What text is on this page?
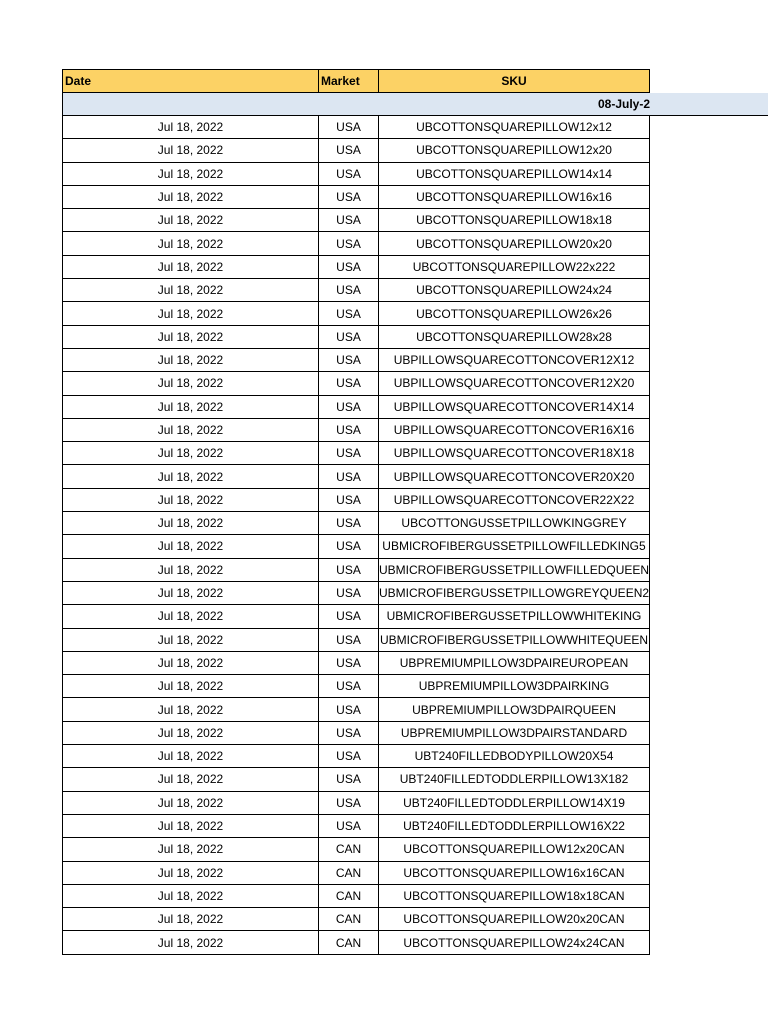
Date	Market	SKU
08-July-2
Jul 18, 2022	USA	UBCOTTONSQUAREPILLOW12x12
Jul 18, 2022	USA	UBCOTTONSQUAREPILLOW12x20
Jul 18, 2022	USA	UBCOTTONSQUAREPILLOW14x14
Jul 18, 2022	USA	UBCOTTONSQUAREPILLOW16x16
Jul 18, 2022	USA	UBCOTTONSQUAREPILLOW18x18
Jul 18, 2022	USA	UBCOTTONSQUAREPILLOW20x20
Jul 18, 2022	USA	UBCOTTONSQUAREPILLOW22x222
Jul 18, 2022	USA	UBCOTTONSQUAREPILLOW24x24
Jul 18, 2022	USA	UBCOTTONSQUAREPILLOW26x26
Jul 18, 2022	USA	UBCOTTONSQUAREPILLOW28x28
Jul 18, 2022	USA	UBPILLOWSQUARECOTTONCOVER12X12
Jul 18, 2022	USA	UBPILLOWSQUARECOTTONCOVER12X20
Jul 18, 2022	USA	UBPILLOWSQUARECOTTONCOVER14X14
Jul 18, 2022	USA	UBPILLOWSQUARECOTTONCOVER16X16
Jul 18, 2022	USA	UBPILLOWSQUARECOTTONCOVER18X18
Jul 18, 2022	USA	UBPILLOWSQUARECOTTONCOVER20X20
Jul 18, 2022	USA	UBPILLOWSQUARECOTTONCOVER22X22
Jul 18, 2022	USA	UBCOTTONGUSSETPILLOWKINGGREY
Jul 18, 2022	USA	UBMICROFIBERGUSSETPILLOWFILLEDKING5
Jul 18, 2022	USA	UBMICROFIBERGUSSETPILLOWFILLEDQUEEN
Jul 18, 2022	USA	UBMICROFIBERGUSSETPILLOWGREYQUEEN2
Jul 18, 2022	USA	UBMICROFIBERGUSSETPILLOWWHITEKING
Jul 18, 2022	USA	UBMICROFIBERGUSSETPILLOWWHITEQUEEN
Jul 18, 2022	USA	UBPREMIUMPILLOW3DPAIREUROPEAN
Jul 18, 2022	USA	UBPREMIUMPILLOW3DPAIRKING
Jul 18, 2022	USA	UBPREMIUMPILLOW3DPAIRQUEEN
Jul 18, 2022	USA	UBPREMIUMPILLOW3DPAIRSTANDARD
Jul 18, 2022	USA	UBT240FILLEDBODYPILLOW20X54
Jul 18, 2022	USA	UBT240FILLEDTODDLERPILLOW13X182
Jul 18, 2022	USA	UBT240FILLEDTODDLERPILLOW14X19
Jul 18, 2022	USA	UBT240FILLEDTODDLERPILLOW16X22
Jul 18, 2022	CAN	UBCOTTONSQUAREPILLOW12x20CAN
Jul 18, 2022	CAN	UBCOTTONSQUAREPILLOW16x16CAN
Jul 18, 2022	CAN	UBCOTTONSQUAREPILLOW18x18CAN
Jul 18, 2022	CAN	UBCOTTONSQUAREPILLOW20x20CAN
Jul 18, 2022	CAN	UBCOTTONSQUAREPILLOW24x24CAN
